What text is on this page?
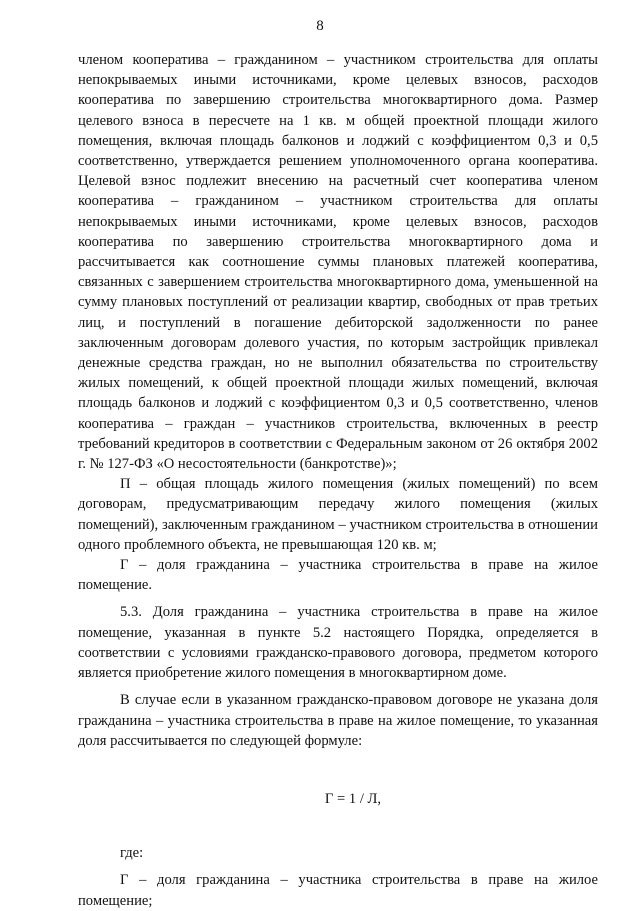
8

членом кооператива – гражданином – участником строительства для оплаты непокрываемых иными источниками, кроме целевых взносов, расходов кооператива по завершению строительства многоквартирного дома. Размер целевого взноса в пересчете на 1 кв. м общей проектной площади жилого помещения, включая площадь балконов и лоджий с коэффициентом 0,3 и 0,5 соответственно, утверждается решением уполномоченного органа кооператива. Целевой взнос подлежит внесению на расчетный счет кооператива членом кооператива – гражданином – участником строительства для оплаты непокрываемых иными источниками, кроме целевых взносов, расходов кооператива по завершению строительства многоквартирного дома и рассчитывается как соотношение суммы плановых платежей кооператива, связанных с завершением строительства многоквартирного дома, уменьшенной на сумму плановых поступлений от реализации квартир, свободных от прав третьих лиц, и поступлений в погашение дебиторской задолженности по ранее заключенным договорам долевого участия, по которым застройщик привлекал денежные средства граждан, но не выполнил обязательства по строительству жилых помещений, к общей проектной площади жилых помещений, включая площадь балконов и лоджий с коэффициентом 0,3 и 0,5 соответственно, членов кооператива – граждан – участников строительства, включенных в реестр требований кредиторов в соответствии с Федеральным законом от 26 октября 2002 г. № 127-ФЗ «О несостоятельности (банкротстве)»;

П – общая площадь жилого помещения (жилых помещений) по всем договорам, предусматривающим передачу жилого помещения (жилых помещений), заключенным гражданином – участником строительства в отношении одного проблемного объекта, не превышающая 120 кв. м;

Г – доля гражданина – участника строительства в праве на жилое помещение.

5.3. Доля гражданина – участника строительства в праве на жилое помещение, указанная в пункте 5.2 настоящего Порядка, определяется в соответствии с условиями гражданско-правового договора, предметом которого является приобретение жилого помещения в многоквартирном доме.

В случае если в указанном гражданско-правовом договоре не указана доля гражданина – участника строительства в праве на жилое помещение, то указанная доля рассчитывается по следующей формуле:

Г = 1 / Л,

где:

Г – доля гражданина – участника строительства в праве на жилое помещение;
